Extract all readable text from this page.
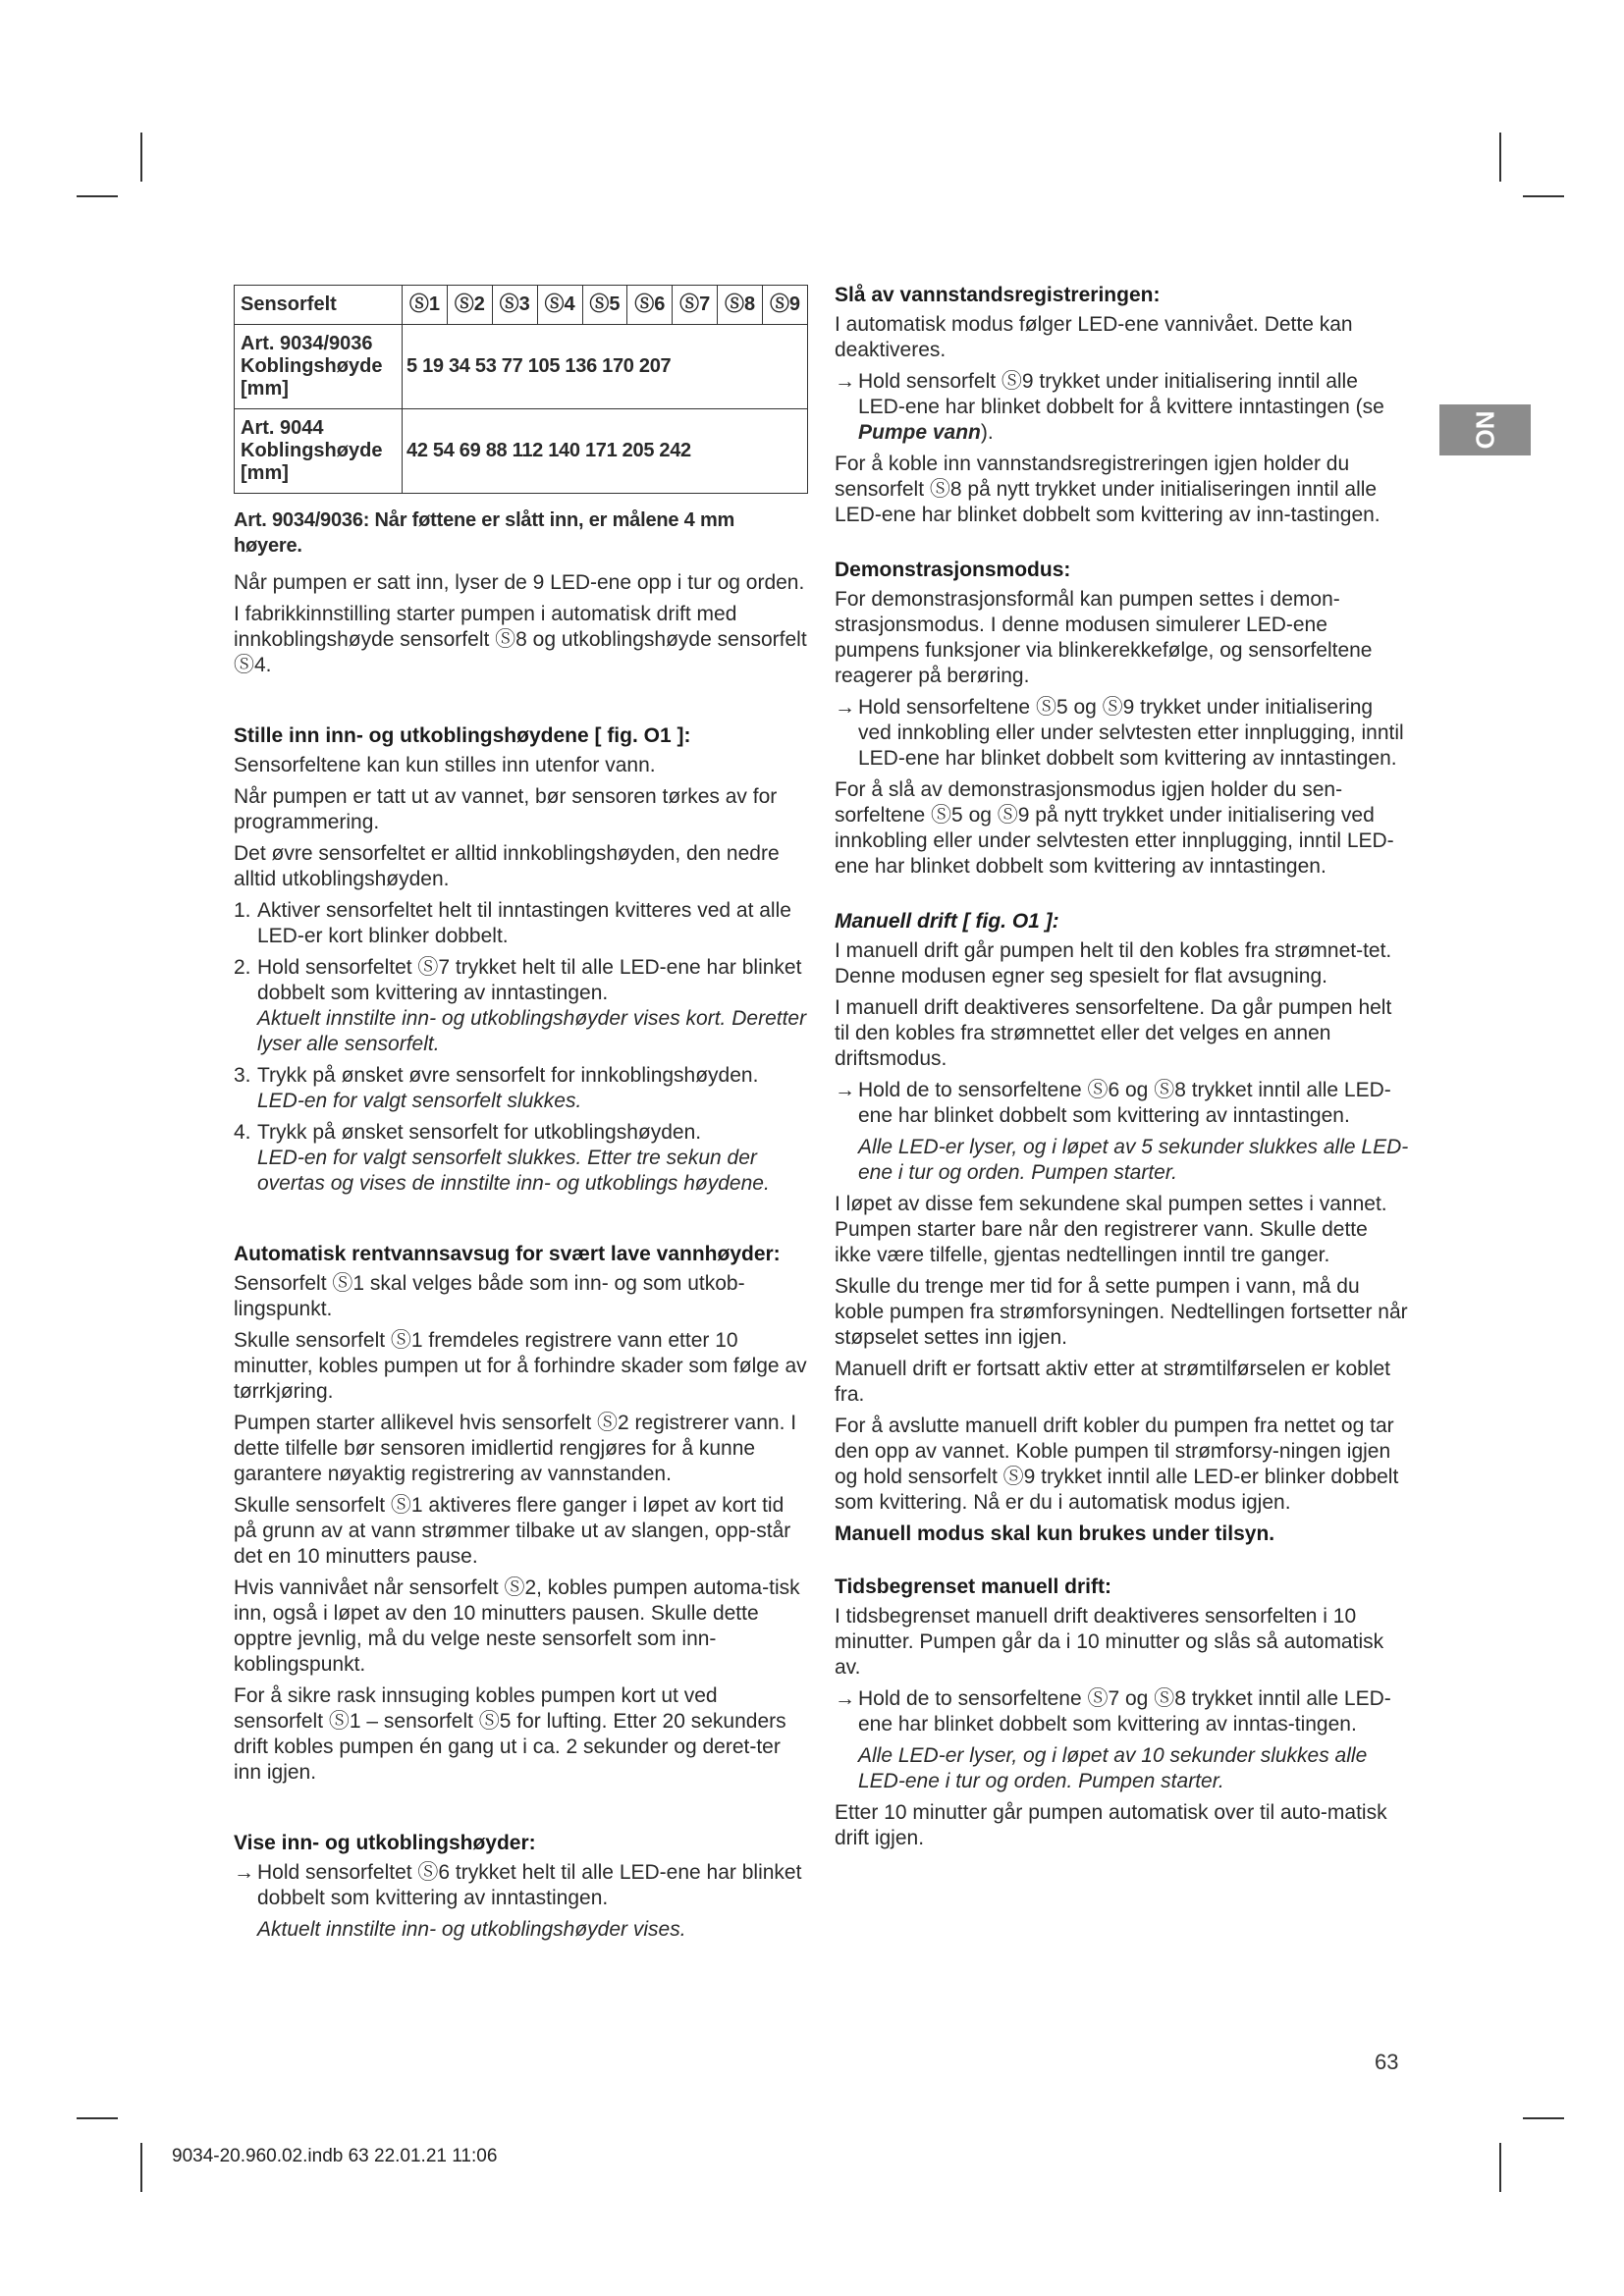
Sensorfelt	Ⓢ1	Ⓢ2	Ⓢ3	Ⓢ4	Ⓢ5	Ⓢ6	Ⓢ7	Ⓢ8	Ⓢ9
Art. 9034/9036 Koblingshøyde [mm]	5 19 34 53 77 105 136 170 207								
Art. 9044 Koblingshøyde [mm]	42 54 69 88 112 140 171 205 242								
Art. 9034/9036: Når føttene er slått inn, er målene 4 mm høyere.

Når pumpen er satt inn, lyser de 9 LED-ene opp i tur og orden.

I fabrikkinnstilling starter pumpen i automatisk drift med innkoblingshøyde sensorfelt Ⓢ8 og utkoblingshøyde sensorfelt Ⓢ4.

Stille inn inn- og utkoblingshøydene [ fig. O1 ]:

Sensorfeltene kan kun stilles inn utenfor vann.

Når pumpen er tatt ut av vannet, bør sensoren tørkes av for programmering.

Det øvre sensorfeltet er alltid innkoblingshøyden, den nedre alltid utkoblingshøyden.

1. Aktiver sensorfeltet helt til inntastingen kvitteres ved at alle LED-er kort blinker dobbelt.
2. Hold sensorfeltet Ⓢ7 trykket helt til alle LED-ene har blinket dobbelt som kvittering av inntastingen.
Aktuelt innstilte inn- og utkoblingshøyder vises kort. Deretter lyser alle sensorfelt.
3. Trykk på ønsket øvre sensorfelt for innkoblingshøyden.
LED-en for valgt sensorfelt slukkes.
4. Trykk på ønsket sensorfelt for utkoblingshøyden.
LED-en for valgt sensorfelt slukkes. Etter tre sekun der overtas og vises de innstilte inn- og utkoblings høydene.
Automatisk rentvannsavsug for svært lave vannhøyder:

Sensorfelt Ⓢ1 skal velges både som inn- og som utkob-lingspunkt.

Skulle sensorfelt Ⓢ1 fremdeles registrere vann etter 10 minutter, kobles pumpen ut for å forhindre skader som følge av tørrkjøring.

Pumpen starter allikevel hvis sensorfelt Ⓢ2 registrerer vann. I dette tilfelle bør sensoren imidlertid rengjøres for å kunne garantere nøyaktig registrering av vannstanden.

Skulle sensorfelt Ⓢ1 aktiveres flere ganger i løpet av kort tid på grunn av at vann strømmer tilbake ut av slangen, opp-står det en 10 minutters pause.

Hvis vannivået når sensorfelt Ⓢ2, kobles pumpen automa-tisk inn, også i løpet av den 10 minutters pausen. Skulle dette opptre jevnlig, må du velge neste sensorfelt som inn-koblingspunkt.

For å sikre rask innsuging kobles pumpen kort ut ved sensorfelt Ⓢ1 – sensorfelt Ⓢ5 for lufting. Etter 20 sekunders drift kobles pumpen én gang ut i ca. 2 sekunder og deret-ter inn igjen.

Vise inn- og utkoblingshøyder:
→ Hold sensorfeltet Ⓢ6 trykket helt til alle LED-ene har blinket dobbelt som kvittering av inntastingen.
Aktuelt innstilte inn- og utkoblingshøyder vises.
Slå av vannstandsregistreringen:

I automatisk modus følger LED-ene vannivået. Dette kan deaktiveres.

→ Hold sensorfelt Ⓢ9 trykket under initialisering inntil alle LED-ene har blinket dobbelt for å kvittere inntastingen (se Pumpe vann).

For å koble inn vannstandsregistreringen igjen holder du sensorfelt Ⓢ8 på nytt trykket under initialiseringen inntil alle LED-ene har blinket dobbelt som kvittering av inn-tastingen.

Demonstrasjonsmodus:

For demonstrasjonsformål kan pumpen settes i demon-strasjonsmodus. I denne modusen simulerer LED-ene pumpens funksjoner via blinkerekkefølge, og sensorfeltene reagerer på berøring.

→ Hold sensorfeltene Ⓢ5 og Ⓢ9 trykket under initialisering ved innkobling eller under selvtesten etter innplugging, inntil LED-ene har blinket dobbelt som kvittering av inntastingen.

For å slå av demonstrasjonsmodus igjen holder du sen-sorfeltene Ⓢ5 og Ⓢ9 på nytt trykket under initialisering ved innkobling eller under selvtesten etter innplugging, inntil LED-ene har blinket dobbelt som kvittering av inntastingen.

Manuell drift [ fig. O1 ]:

I manuell drift går pumpen helt til den kobles fra strømnet-tet. Denne modusen egner seg spesielt for flat avsugning.

I manuell drift deaktiveres sensorfeltene. Da går pumpen helt til den kobles fra strømnettet eller det velges en annen driftsmodus.

→ Hold de to sensorfeltene Ⓢ6 og Ⓢ8 trykket inntil alle LED-ene har blinket dobbelt som kvittering av inntastingen.
Alle LED-er lyser, og i løpet av 5 sekunder slukkes alle LED-ene i tur og orden. Pumpen starter.

I løpet av disse fem sekundene skal pumpen settes i vannet. Pumpen starter bare når den registrerer vann. Skulle dette ikke være tilfelle, gjentas nedtellingen inntil tre ganger.

Skulle du trenge mer tid for å sette pumpen i vann, må du koble pumpen fra strømforsyningen. Nedtellingen fortsetter når støpselet settes inn igjen.

Manuell drift er fortsatt aktiv etter at strømtilførselen er koblet fra.

For å avslutte manuell drift kobler du pumpen fra nettet og tar den opp av vannet. Koble pumpen til strømforsy-ningen igjen og hold sensorfelt Ⓢ9 trykket inntil alle LED-er blinker dobbelt som kvittering. Nå er du i automatisk modus igjen.

Manuell modus skal kun brukes under tilsyn.
Tidsbegrenset manuell drift:

I tidsbegrenset manuell drift deaktiveres sensorfelten i 10 minutter. Pumpen går da i 10 minutter og slås så automatisk av.

→ Hold de to sensorfeltene Ⓢ7 og Ⓢ8 trykket inntil alle LED-ene har blinket dobbelt som kvittering av inntas-tingen.
Alle LED-er lyser, og i løpet av 10 sekunder slukkes alle LED-ene i tur og orden. Pumpen starter.

Etter 10 minutter går pumpen automatisk over til auto-matisk drift igjen.

NO
63
9034-20.960.02.indb 63 22.01.21 11:06
